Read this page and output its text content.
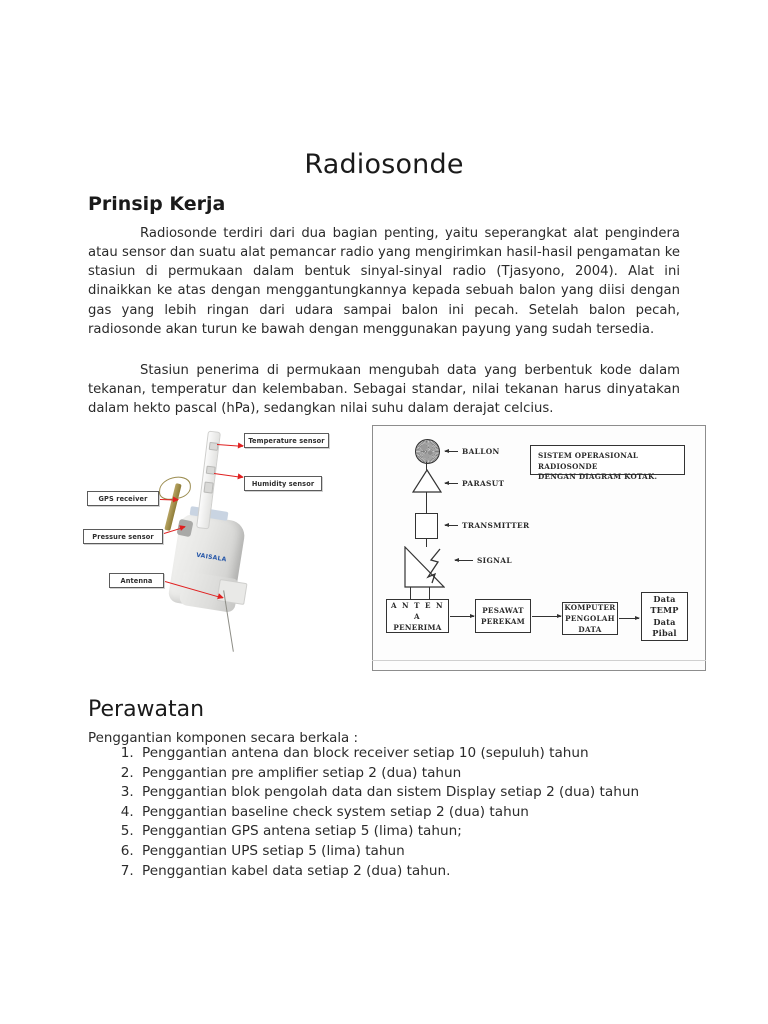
Radiosonde
Prinsip Kerja

Radiosonde terdiri dari dua bagian penting, yaitu seperangkat alat pengindera atau sensor dan suatu alat pemancar radio yang mengirimkan hasil-hasil pengamatan ke stasiun di permukaan dalam bentuk sinyal-sinyal radio (Tjasyono, 2004). Alat ini dinaikkan ke atas dengan menggantungkannya kepada sebuah balon yang diisi dengan gas yang lebih ringan dari udara sampai balon ini pecah. Setelah balon pecah, radiosonde akan turun ke bawah dengan menggunakan payung yang sudah tersedia.

Stasiun penerima di permukaan mengubah data yang berbentuk kode dalam tekanan, temperatur dan kelembaban. Sebagai standar, nilai tekanan harus dinyatakan dalam hekto pascal (hPa), sedangkan nilai suhu dalam derajat celcius.

VAISALA
Temperature sensor
Humidity sensor
GPS receiver
Pressure sensor
Antenna
BALLON
PARASUT
TRANSMITTER
SIGNAL
A N T E N A
PENERIMA
PESAWAT
PEREKAM
KOMPUTER
PENGOLAH
DATA
Data
TEMP
Data
Pibal
SISTEM OPERASIONAL RADIOSONDE
DENGAN DIAGRAM KOTAK.
Perawatan

Penggantian komponen secara berkala :

1. Penggantian antena dan block receiver setiap 10 (sepuluh) tahun
2. Penggantian pre amplifier setiap 2 (dua) tahun
3. Penggantian blok pengolah data dan sistem Display setiap 2 (dua) tahun
4. Penggantian baseline check system setiap 2 (dua) tahun
5. Penggantian GPS antena setiap 5 (lima) tahun;
6. Penggantian UPS setiap 5 (lima) tahun
7. Penggantian kabel data setiap 2 (dua) tahun.
